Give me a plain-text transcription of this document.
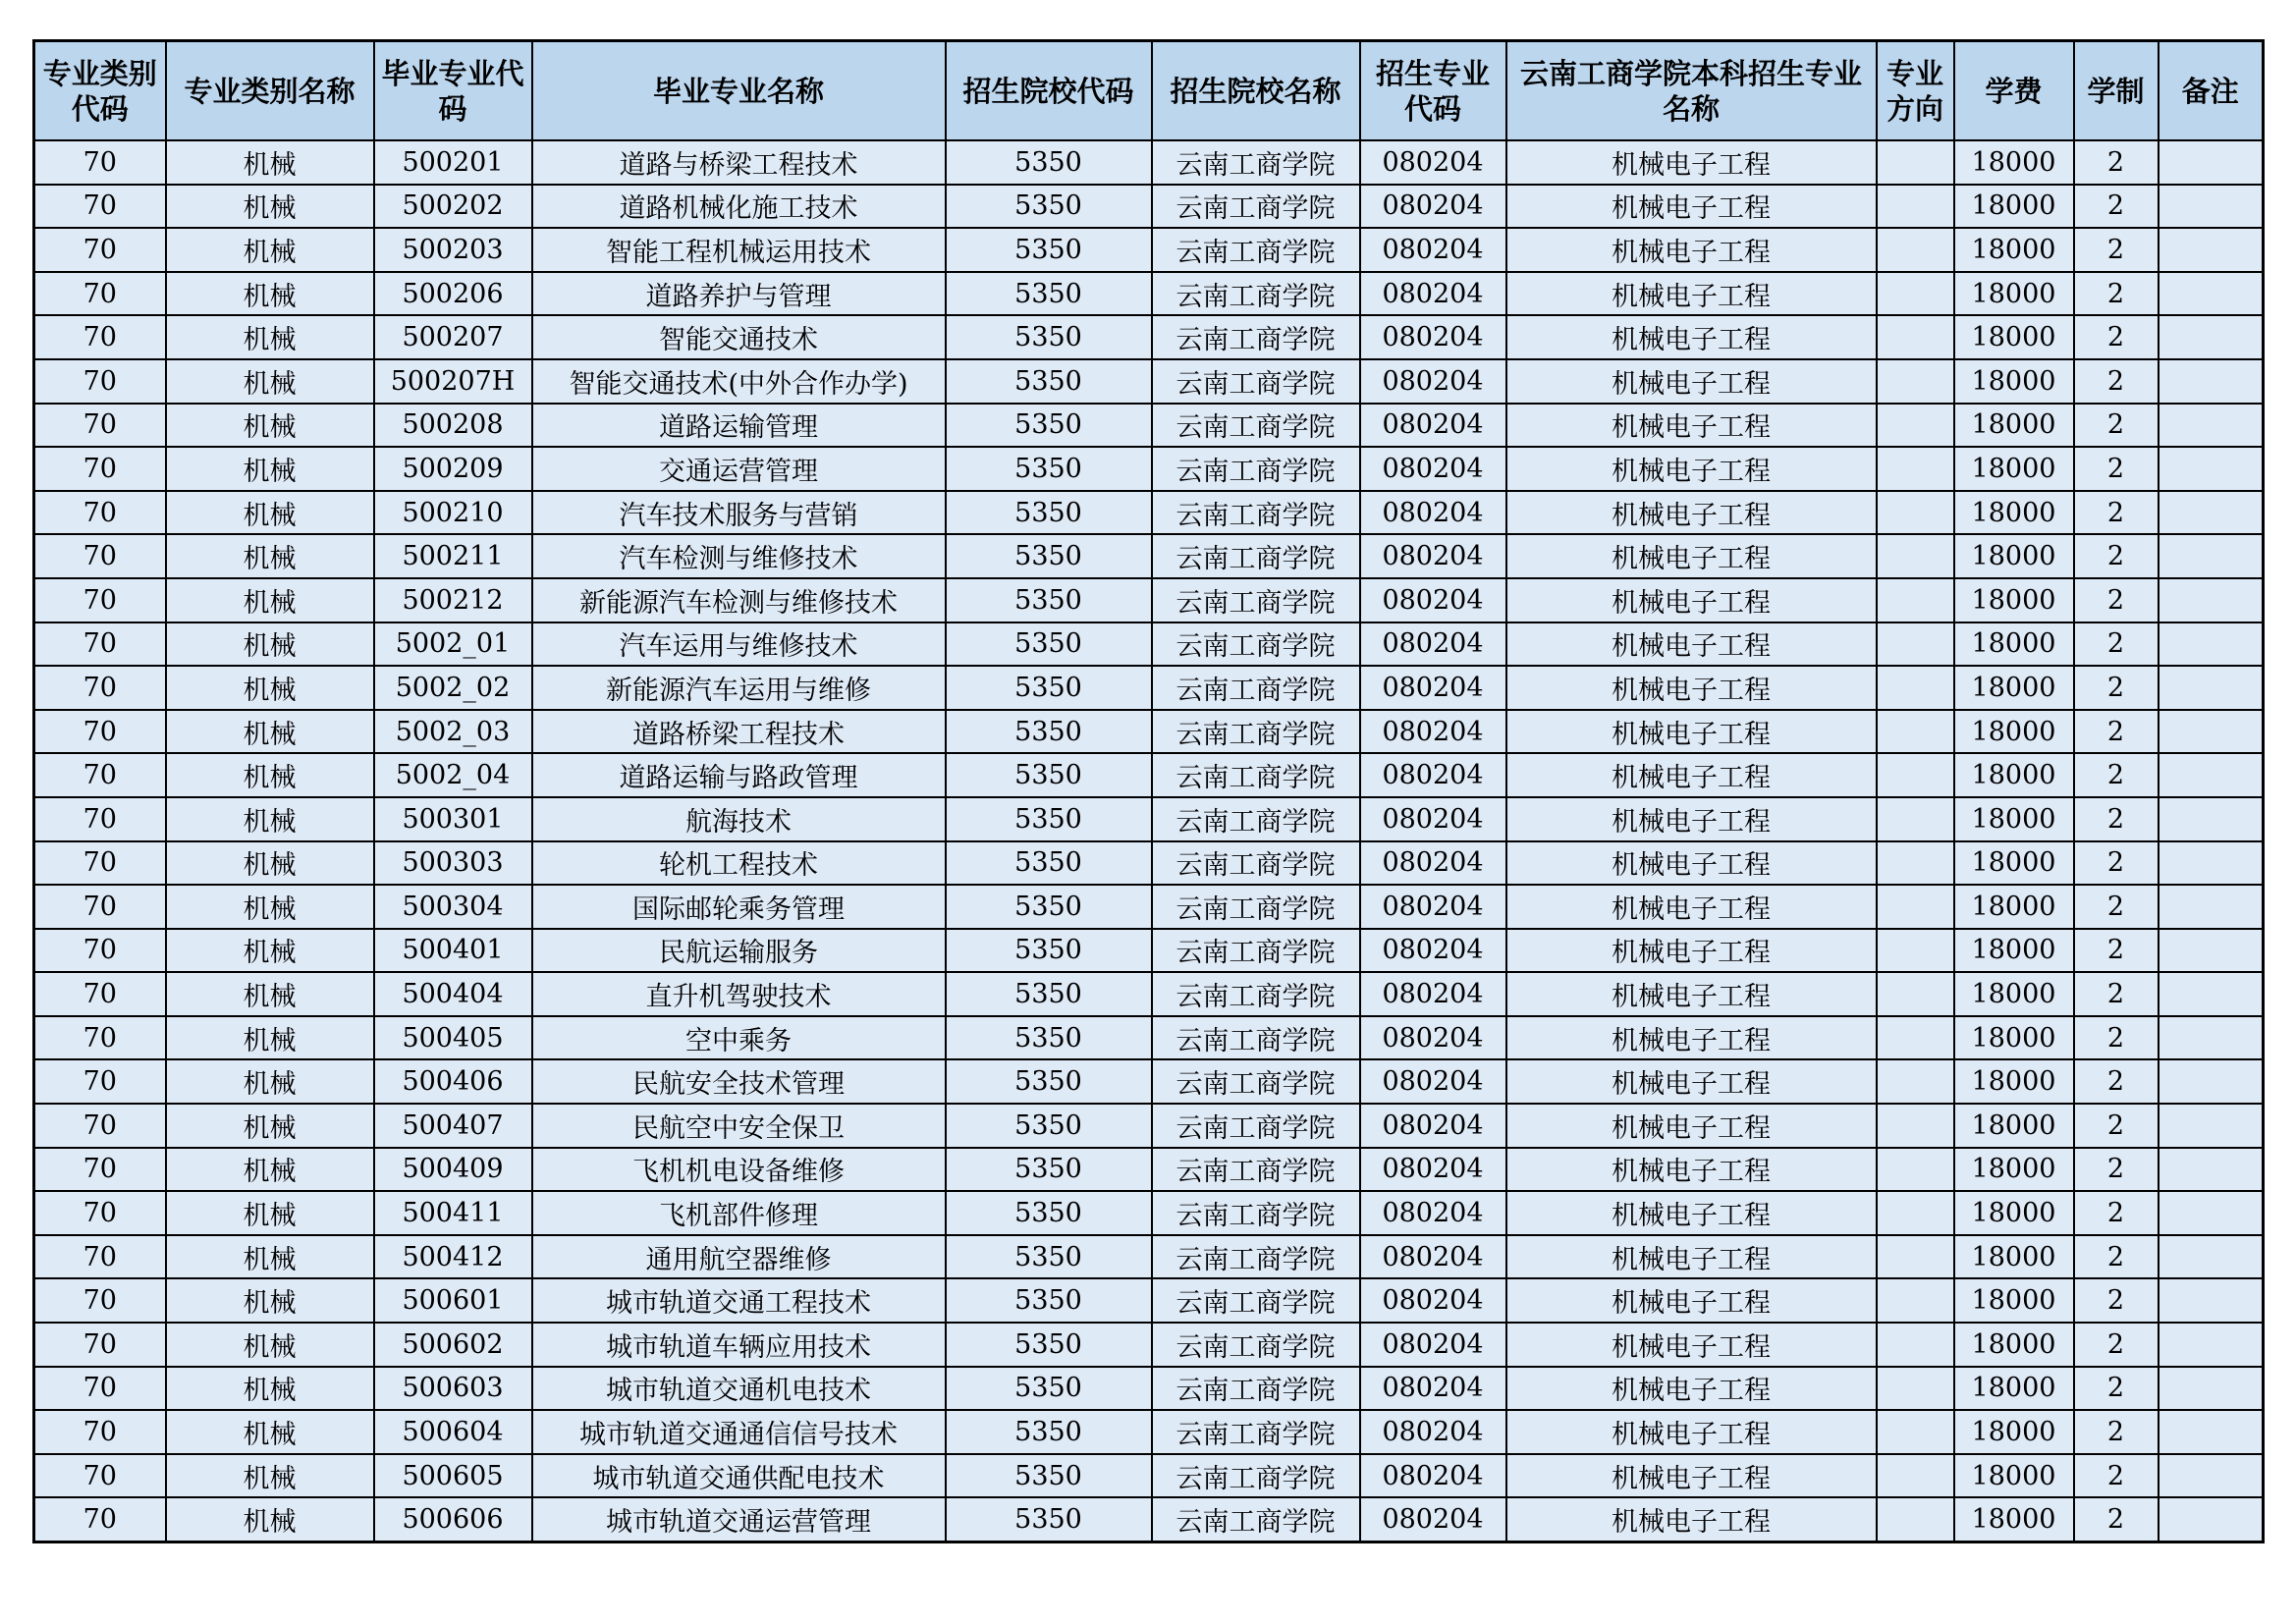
专业类别代码	专业类别名称	毕业专业代码	毕业专业名称	招生院校代码	招生院校名称	招生专业代码	云南工商学院本科招生专业名称	专业方向	学费	学制	备注
70	机械	500201	道路与桥梁工程技术	5350	云南工商学院	080204	机械电子工程		18000	2	
70	机械	500202	道路机械化施工技术	5350	云南工商学院	080204	机械电子工程		18000	2	
70	机械	500203	智能工程机械运用技术	5350	云南工商学院	080204	机械电子工程		18000	2	
70	机械	500206	道路养护与管理	5350	云南工商学院	080204	机械电子工程		18000	2	
70	机械	500207	智能交通技术	5350	云南工商学院	080204	机械电子工程		18000	2	
70	机械	500207H	智能交通技术(中外合作办学)	5350	云南工商学院	080204	机械电子工程		18000	2	
70	机械	500208	道路运输管理	5350	云南工商学院	080204	机械电子工程		18000	2	
70	机械	500209	交通运营管理	5350	云南工商学院	080204	机械电子工程		18000	2	
70	机械	500210	汽车技术服务与营销	5350	云南工商学院	080204	机械电子工程		18000	2	
70	机械	500211	汽车检测与维修技术	5350	云南工商学院	080204	机械电子工程		18000	2	
70	机械	500212	新能源汽车检测与维修技术	5350	云南工商学院	080204	机械电子工程		18000	2	
70	机械	5002_01	汽车运用与维修技术	5350	云南工商学院	080204	机械电子工程		18000	2	
70	机械	5002_02	新能源汽车运用与维修	5350	云南工商学院	080204	机械电子工程		18000	2	
70	机械	5002_03	道路桥梁工程技术	5350	云南工商学院	080204	机械电子工程		18000	2	
70	机械	5002_04	道路运输与路政管理	5350	云南工商学院	080204	机械电子工程		18000	2	
70	机械	500301	航海技术	5350	云南工商学院	080204	机械电子工程		18000	2	
70	机械	500303	轮机工程技术	5350	云南工商学院	080204	机械电子工程		18000	2	
70	机械	500304	国际邮轮乘务管理	5350	云南工商学院	080204	机械电子工程		18000	2	
70	机械	500401	民航运输服务	5350	云南工商学院	080204	机械电子工程		18000	2	
70	机械	500404	直升机驾驶技术	5350	云南工商学院	080204	机械电子工程		18000	2	
70	机械	500405	空中乘务	5350	云南工商学院	080204	机械电子工程		18000	2	
70	机械	500406	民航安全技术管理	5350	云南工商学院	080204	机械电子工程		18000	2	
70	机械	500407	民航空中安全保卫	5350	云南工商学院	080204	机械电子工程		18000	2	
70	机械	500409	飞机机电设备维修	5350	云南工商学院	080204	机械电子工程		18000	2	
70	机械	500411	飞机部件修理	5350	云南工商学院	080204	机械电子工程		18000	2	
70	机械	500412	通用航空器维修	5350	云南工商学院	080204	机械电子工程		18000	2	
70	机械	500601	城市轨道交通工程技术	5350	云南工商学院	080204	机械电子工程		18000	2	
70	机械	500602	城市轨道车辆应用技术	5350	云南工商学院	080204	机械电子工程		18000	2	
70	机械	500603	城市轨道交通机电技术	5350	云南工商学院	080204	机械电子工程		18000	2	
70	机械	500604	城市轨道交通通信信号技术	5350	云南工商学院	080204	机械电子工程		18000	2	
70	机械	500605	城市轨道交通供配电技术	5350	云南工商学院	080204	机械电子工程		18000	2	
70	机械	500606	城市轨道交通运营管理	5350	云南工商学院	080204	机械电子工程		18000	2	
